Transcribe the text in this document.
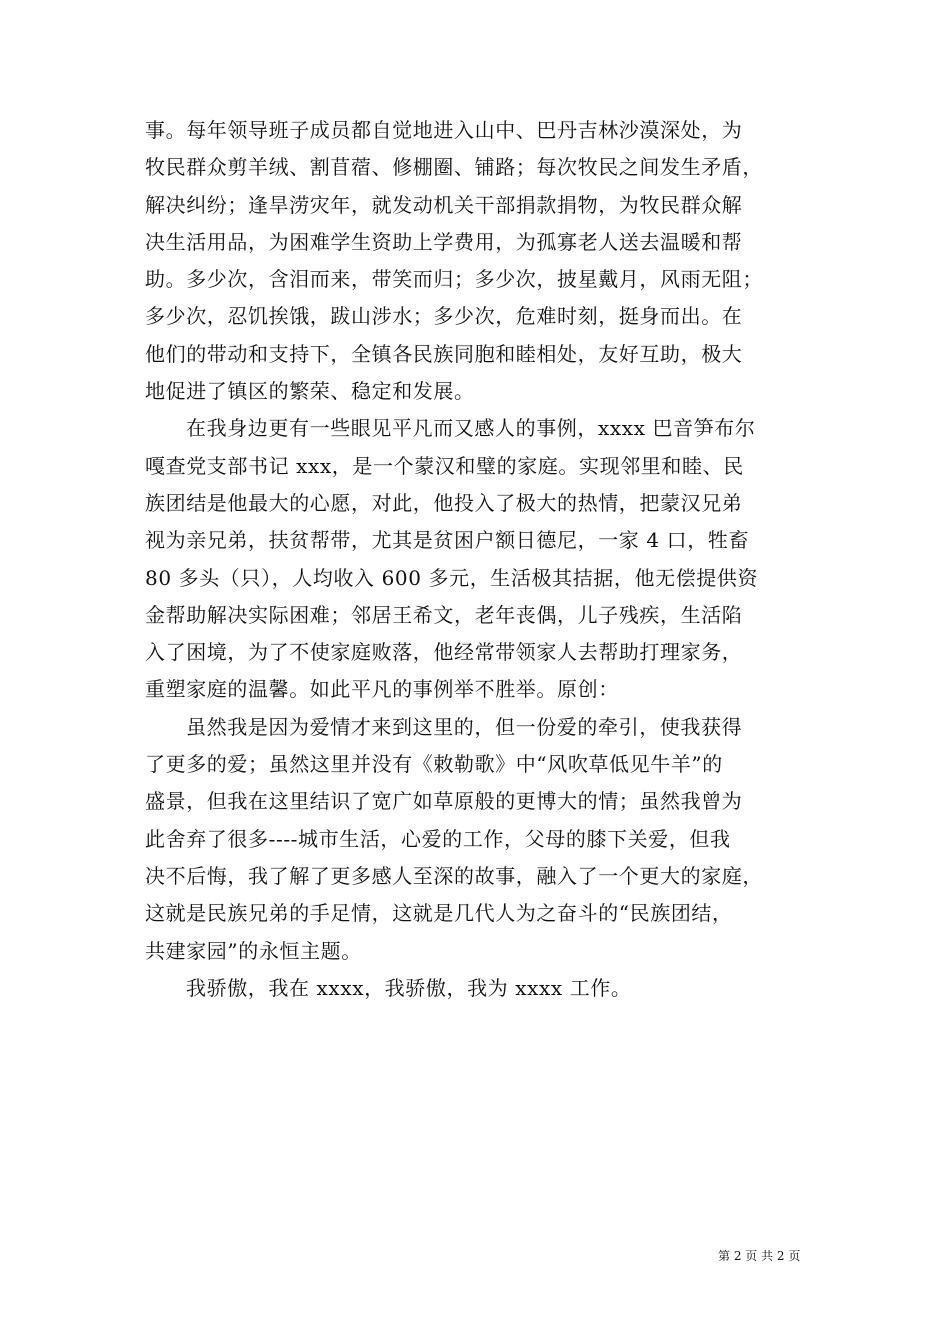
事。每年领导班子成员都自觉地进入山中、巴丹吉林沙漠深处，为
牧民群众剪羊绒、割苜蓿、修棚圈、铺路；每次牧民之间发生矛盾，
解决纠纷；逢旱涝灾年，就发动机关干部捐款捐物，为牧民群众解
决生活用品，为困难学生资助上学费用，为孤寡老人送去温暖和帮
助。多少次，含泪而来，带笑而归；多少次，披星戴月，风雨无阻；
多少次，忍饥挨饿，跋山涉水；多少次，危难时刻，挺身而出。在
他们的带动和支持下，全镇各民族同胞和睦相处，友好互助，极大
地促进了镇区的繁荣、稳定和发展。
在我身边更有一些眼见平凡而又感人的事例，xxxx 巴音笋布尔
嘎查党支部书记 xxx，是一个蒙汉和璧的家庭。实现邻里和睦、民
族团结是他最大的心愿，对此，他投入了极大的热情，把蒙汉兄弟
视为亲兄弟，扶贫帮带，尤其是贫困户额日德尼，一家 4 口，牲畜
80 多头（只），人均收入 600 多元，生活极其拮据，他无偿提供资
金帮助解决实际困难；邻居王希文，老年丧偶，儿子残疾，生活陷
入了困境，为了不使家庭败落，他经常带领家人去帮助打理家务，
重塑家庭的温馨。如此平凡的事例举不胜举。原创：
虽然我是因为爱情才来到这里的，但一份爱的牵引，使我获得
了更多的爱；虽然这里并没有《敕勒歌》中“风吹草低见牛羊”的
盛景，但我在这里结识了宽广如草原般的更博大的情；虽然我曾为
此舍弃了很多----城市生活，心爱的工作，父母的膝下关爱，但我
决不后悔，我了解了更多感人至深的故事，融入了一个更大的家庭，
这就是民族兄弟的手足情，这就是几代人为之奋斗的“民族团结，
共建家园”的永恒主题。
我骄傲，我在 xxxx，我骄傲，我为 xxxx 工作。
第 2 页 共 2 页
